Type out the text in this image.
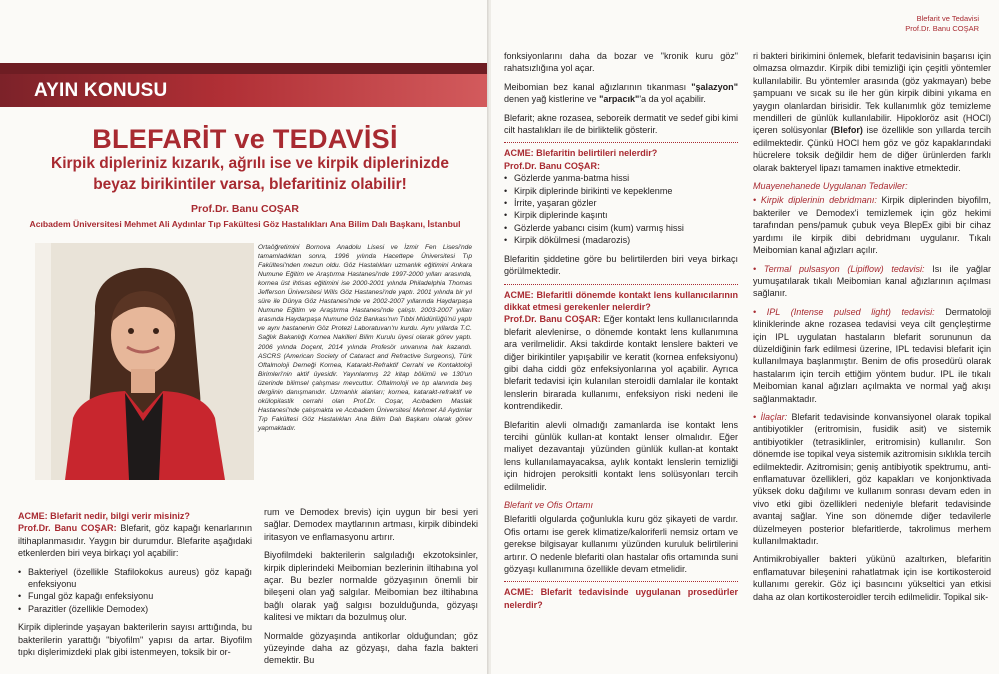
AYIN KONUSU
BLEFARİT ve TEDAVİSİ
Kirpik dipleriniz kızarık, ağrılı ise ve kirpik diplerinizde beyaz birikintiler varsa, blefaritiniz olabilir!
Prof.Dr. Banu COŞAR
Acıbadem Üniversitesi Mehmet Ali Aydınlar Tıp Fakültesi Göz Hastalıkları Ana Bilim Dalı Başkanı, İstanbul
Ortaöğretimini Bornova Anadolu Lisesi ve İzmir Fen Lisesi'nde tamamladıktan sonra, 1996 yılında Hacettepe Üniversitesi Tıp Fakültesi'nden mezun oldu. Göz Hastalıkları uzmanlık eğitimini Ankara Numune Eğitim ve Araştırma Hastanesi'nde 1997-2000 yılları arasında, kornea üst ihtisas eğitimini ise 2000-2001 yılında Philadelphia Thomas Jefferson Üniversitesi Wills Göz Hastanesi'nde yaptı. 2001 yılında bir yıl süre ile Dünya Göz Hastanesi'nde ve 2002-2007 yıllarında Haydarpaşa Numune Eğitim ve Araştırma Hastanesi'nde çalıştı. 2003-2007 yılları arasında Haydarpaşa Numune Göz Bankası'nın Tıbbi Müdürlüğü'nü yaptı ve aynı hastanenin Göz Protezi Laboratuvarı'nı kurdu. Aynı yıllarda T.C. Sağlık Bakanlığı Kornea Nakilleri Bilim Kurulu üyesi olarak görev yaptı. 2006 yılında Doçent, 2014 yılında Profesör unvanına hak kazandı. ASCRS (American Society of Cataract and Refractive Surgeons), Türk Oftalmoloji Derneği Kornea, Katarakt-Refraktif Cerrahi ve Kontaktoloji Birimleri'nin aktif üyesidir. Yayınlanmış 22 kitap bölümü ve 130'un üzerinde bilimsel çalışması mevcuttur. Oftalmoloji ve tıp alanında beş dergiinin danışmanıdır. Uzmanlık alanları; kornea, katarakt-refraktif ve okülopilastik cerrahi olan Prof.Dr. Coşar, Acıbadem Maslak Hastanesi'nde çalışmakta ve Acıbadem Üniversitesi Mehmet Ali Aydınlar Tıp Fakültesi Göz Hastalıkları Ana Bilim Dalı Başkanı olarak görev yapmaktadır.
ACME: Blefarit nedir, bilgi verir misiniz?

Prof.Dr. Banu COŞAR: Blefarit, göz kapağı kenarlarının iltihaplanmasıdır. Yaygın bir durumdur. Blefarite aşağıdaki etkenlerden biri veya birkaçı yol açabilir:

• Bakteriyel (özellikle Stafilokokus aureus) göz kapağı enfeksiyonu
• Fungal göz kapağı enfeksiyonu
• Parazitler (özellikle Demodex)

Kirpik diplerinde yaşayan bakterilerin sayısı arttığında, bu bakterilerin yarattığı "biyofilm" yapısı da artar. Biyofilm tıpkı dişlerimizdeki plak gibi istenmeyen, toksik bir or-

rum ve Demodex brevis) için uygun bir besi yeri sağlar. Demodex maytlarının artması, kirpik dibindeki iritasyon ve enflamasyonu artırır.

Biyofilmdeki bakterilerin salgıladığı ekzotoksinler, kirpik diplerindeki Meibomian bezlerinin iltihabına yol açar. Bu bezler normalde gözyaşının önemli bir bileşeni olan yağ salgılar. Meibomian bez iltihabına bağlı olarak yağ salgısı bozulduğunda, gözyaşı kalitesi ve miktarı da bozulmuş olur.

Normalde gözyaşında antikorlar olduğundan; göz yüzeyinde daha az gözyaşı, daha fazla bakteri demektir. Bu

Blefarit ve Tedavisi
Prof.Dr. Banu COŞAR

fonksiyonlarını daha da bozar ve "kronik kuru göz" rahatsızlığına yol açar.

Meibomian bez kanal ağızlarının tıkanması "şalazyon" denen yağ kistlerine ve "arpacık"'a da yol açabilir.

Blefarit; akne rozasea, seboreik dermatit ve sedef gibi kimi cilt hastalıkları ile de birliktelik gösterir.

ACME: Blefaritin belirtileri nelerdir?
Prof.Dr. Banu COŞAR:
• Gözlerde yanma-batma hissi
• Kirpik diplerinde birikinti ve kepeklenme
• İrrite, yaşaran gözler
• Kirpik diplerinde kaşıntı
• Gözlerde yabancı cisim (kum) varmış hissi
• Kirpik dökülmesi (madarozis)

Blefaritin şiddetine göre bu belirtilerden biri veya birkaçı görülmektedir.

ACME: Blefaritli dönemde kontakt lens kullanıcılarının dikkat etmesi gerekenler nelerdir?

Prof.Dr. Banu COŞAR: Eğer kontakt lens kullanıcılarında blefarit alevlenirse, o dönemde kontakt lens kullanımına ara verilmelidir. Aksi takdirde kontakt lenslere bakteri ve diğer birikintiler yapışabilir ve keratit (kornea enfeksiyonu) gibi daha ciddi göz enfeksiyonlarına yol açabilir. Ayrıca blefarit tedavisi için kulanılan steroidli damlalar ile kontakt lenslerin birarada kullanımı, enfeksiyon riski nedeni ile kontrendikedir.

Blefaritin alevli olmadığı zamanlarda ise kontakt lens tercihi günlük kullan-at kontakt lenser olmalıdır. Eğer maliyet dezavantajı yüzünden günlük kullan-at kontakt lens kullanılamayacaksa, aylık kontakt lenslerin temizliği için hidrojen peroksitli kontakt lens solüsyonları tercih edilmelidir.

Blefarit ve Ofis Ortamı

Blefaritli olgularda çoğunlukla kuru göz şikayeti de vardır. Ofis ortamı ise gerek klimatize/kaloriferli nemsiz ortam ve gerekse bilgisayar kullanımı yüzünden kuruluk belirtilerini artırır. O nedenle blefariti olan hastalar ofis ortamında suni gözyaşı kullanımına özellikle devam etmelidir.

ACME: Blefarit tedavisinde uygulanan prosedürler nelerdir?

ri bakteri birikimini önlemek, blefarit tedavisinin başarısı için olmazsa olmazdır. Kirpik dibi temizliği için çeşitli yöntemler kullanılabilir. Bu yöntemler arasında (göz yakmayan) bebe şampuanı ve sıcak su ile her gün kirpik dibini yıkama en yaygın olanlardan birisidir. Tek kullanımlık göz temizleme mendilleri de günlük kullanılabilir. Hipokloröz asit (HOCl) içeren solüsyonlar (Blefor) ise özellikle son yıllarda tercih edilmektedir. Çünkü HOCl hem göz ve göz kapaklarındaki hücrelere toksik değildir hem de diğer ürünlerden farklı olarak bakteryel lipazı tamamen inaktive etmektedir.

Muayenehanede Uygulanan Tedaviler:

• Kirpik diplerinin debridmanı: Kirpik diplerinden biyofilm, bakteriler ve Demodex'i temizlemek için göz hekimi tarafından pens/pamuk çubuk veya BlepEx gibi bir cihaz yardımı ile kirpik dibi debridmanı uygulanır. Tıkalı Meibomian kanal ağızları açılır.

• Termal pulsasyon (Lipiflow) tedavisi: Isı ile yağlar yumuşatılarak tıkalı Meibomian kanal ağızlarının açılması sağlanır.

• IPL (Intense pulsed light) tedavisi: Dermatoloji kliniklerinde akne rozasea tedavisi veya cilt gençleştirme için IPL uygulatan hastaların blefarit sorununun da düzeldiğinin fark edilmesi üzerine, IPL tedavisi blefarit için kullanılmaya başlanmıştır. Benim de ofis prosedürü olarak hastalarım için tercih ettiğim yöntem budur. IPL ile tıkalı Meibomian kanal ağızları açılmakta ve normal yağ akışı sağlanmaktadır.

• İlaçlar: Blefarit tedavisinde konvansiyonel olarak topikal antibiyotikler (eritromisin, fusidik asit) ve sistemik antibiyotikler (tetrasiklinler, eritromisin) kullanılır. Son dönemde ise topikal veya sistemik azitromisin sıklıkla tercih edilmektedir. Azitromisin; geniş antibiyotik spektrumu, anti-enflamatuvar özellikleri, göz kapakları ve konjonktivada yüksek doku dağılımı ve kullanım sonrası devam eden in vivo etki gibi özellikleri nedeniyle blefarit tedavisinde avantaj sağlar. Yine son dönemde diğer tedavilerle düzelmeyen posterior blefaritlerde, takrolimus merhem kullanılmaktadır.

Antimikrobiyaller bakteri yükünü azaltırken, blefaritin enflamatuvar bileşenini rahatlatmak için ise kortikosteroid kullanımı gerekir. Göz içi basıncını yükseltici yan etkisi daha az olan kortikosteroidler tercih edilmelidir. Topikal sik-
